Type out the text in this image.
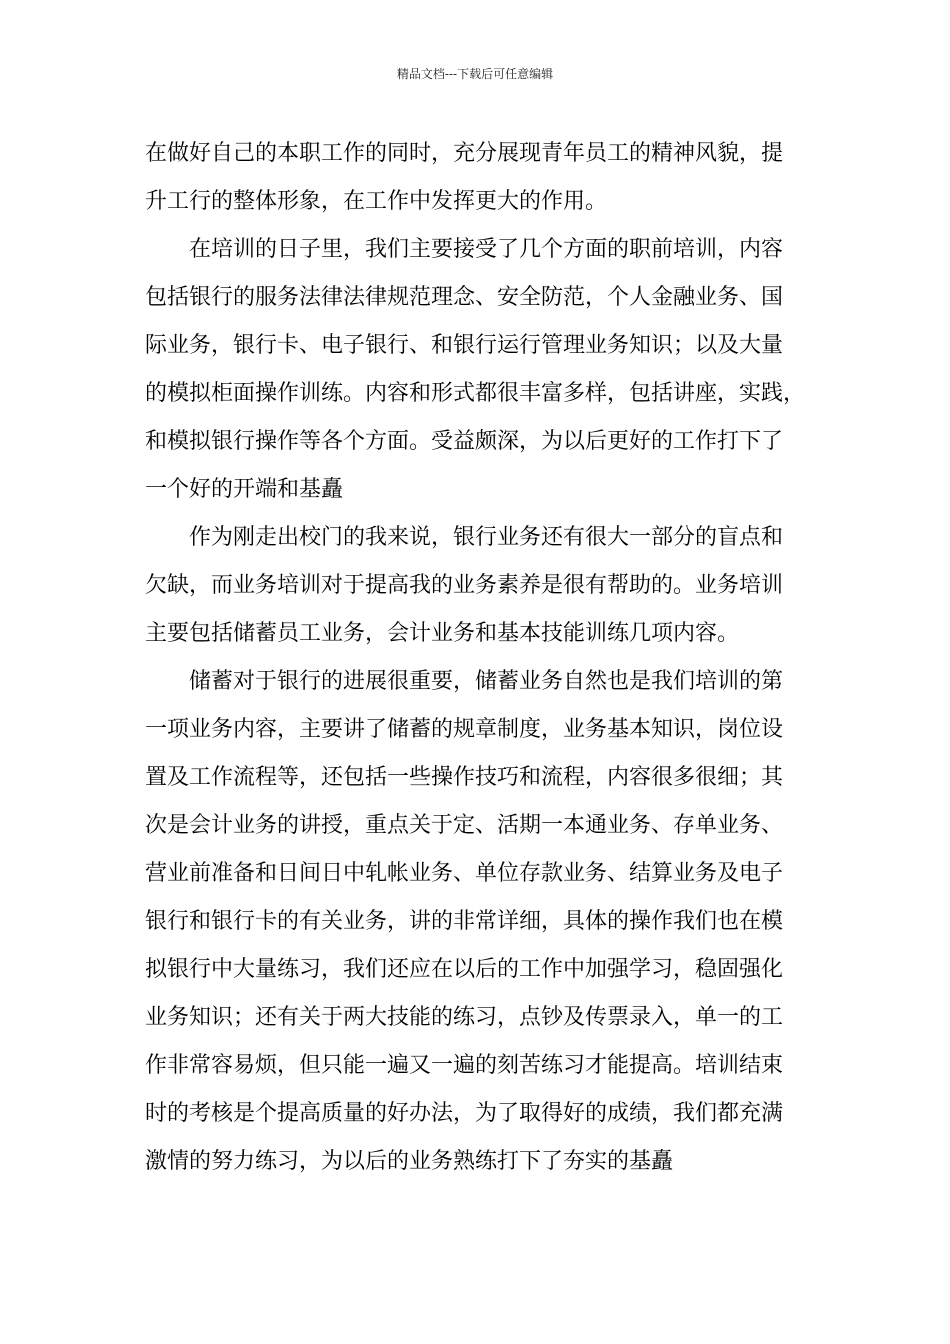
精品文档---下载后可任意编辑
在做好自己的本职工作的同时，充分展现青年员工的精神风貌，提
升工行的整体形象，在工作中发挥更大的作用。
在培训的日子里，我们主要接受了几个方面的职前培训，内容
包括银行的服务法律法律规范理念、安全防范，个人金融业务、国
际业务，银行卡、电子银行、和银行运行管理业务知识；以及大量
的模拟柜面操作训练。内容和形式都很丰富多样，包括讲座，实践，
和模拟银行操作等各个方面。受益颇深，为以后更好的工作打下了
一个好的开端和基矗
作为刚走出校门的我来说，银行业务还有很大一部分的盲点和
欠缺，而业务培训对于提高我的业务素养是很有帮助的。业务培训
主要包括储蓄员工业务，会计业务和基本技能训练几项内容。
储蓄对于银行的进展很重要，储蓄业务自然也是我们培训的第
一项业务内容，主要讲了储蓄的规章制度，业务基本知识，岗位设
置及工作流程等，还包括一些操作技巧和流程，内容很多很细；其
次是会计业务的讲授，重点关于定、活期一本通业务、存单业务、
营业前准备和日间日中轧帐业务、单位存款业务、结算业务及电子
银行和银行卡的有关业务，讲的非常详细，具体的操作我们也在模
拟银行中大量练习，我们还应在以后的工作中加强学习，稳固强化
业务知识；还有关于两大技能的练习，点钞及传票录入，单一的工
作非常容易烦，但只能一遍又一遍的刻苦练习才能提高。培训结束
时的考核是个提高质量的好办法，为了取得好的成绩，我们都充满
激情的努力练习，为以后的业务熟练打下了夯实的基矗
